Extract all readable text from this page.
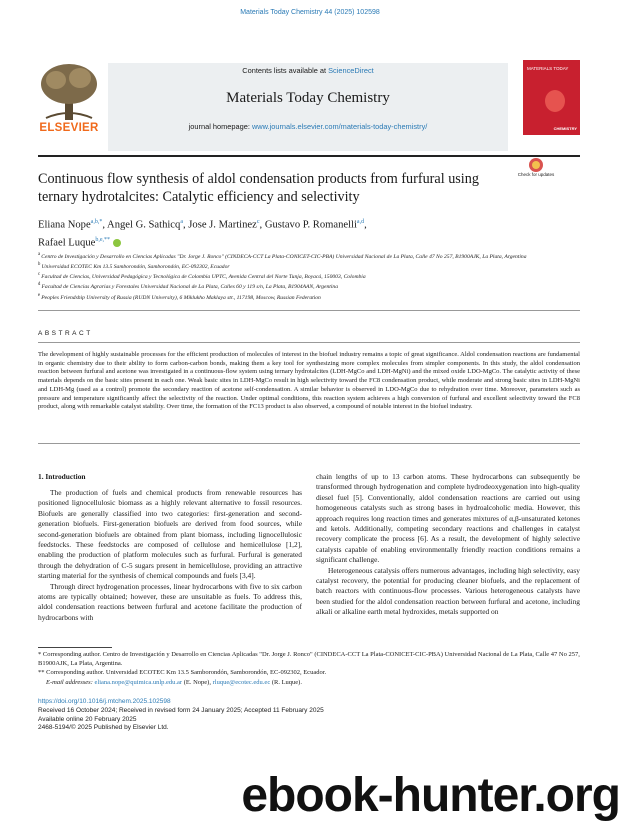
Materials Today Chemistry 44 (2025) 102598
ELSEVIER
Contents lists available at ScienceDirect
Materials Today Chemistry
journal homepage: www.journals.elsevier.com/materials-today-chemistry/
MATERIALS TODAY
CHEMISTRY
Continuous flow synthesis of aldol condensation products from furfural using ternary hydrotalcites: Catalytic efficiency and selectivity
Check for updates
Eliana Nope$^{a,b,*}$, Angel G. Sathicq$^a$, Jose J. Martinez$^c$, Gustavo P. Romanelli$^{a,d}$,
Rafael Luque$^{b,e,**}$
$^a$ Centro de Investigación y Desarrollo en Ciencias Aplicadas "Dr. Jorge J. Ronco" (CINDECA-CCT La Plata-CONICET-CIC-PBA) Universidad Nacional de La Plata, Calle 47 No 257, B1900AJK, La Plata, Argentina
$^b$ Universidad ECOTEC Km 13.5 Samborondón, Samborondón, EC-092302, Ecuador
$^c$ Facultad de Ciencias, Universidad Pedagógica y Tecnológica de Colombia UPTC, Avenida Central del Norte Tunja, Boyacá, 150003, Colombia
$^d$ Facultad de Ciencias Agrarias y Forestales Universidad Nacional de La Plata, Calles 60 y 119 s/n, La Plata, B1904AAN, Argentina
$^e$ Peoples Friendship University of Russia (RUDN University), 6 Miklukho Maklaya str., 117198, Moscow, Russian Federation
ABSTRACT
The development of highly sustainable processes for the efficient production of molecules of interest in the biofuel industry remains a topic of great significance. Aldol condensation reactions are fundamental in organic chemistry due to their ability to form carbon-carbon bonds, making them a key tool for synthesizing more complex molecules from simpler components. In this study, the aldol condensation reaction between furfural and acetone was investigated in a continuous-flow system using ternary hydrotalcites (LDH-MgCo and LDH-MgNi) and the mixed oxide LDO-MgCo. The catalytic activity of these materials depends on the basic sites present in each one. Weak basic sites in LDH-MgCo result in high selectivity toward the FC8 condensation product, while moderate and strong basic sites in LDH-MgNi and LDH-Mg (used as a control) promote the secondary reaction of acetone self-condensation. A similar behavior is observed in LDO-MgCo due to rehydration over time. Moreover, parameters such as pressure and temperature significantly affect the selectivity of the reaction. Under optimal conditions, this reaction system achieves a high conversion of furfural and excellent selectivity toward the FC8 product, along with remarkable catalyst stability. Over time, the formation of the FC13 product is also observed, a compound of notable interest in the biofuel industry.
1. Introduction

The production of fuels and chemical products from renewable resources has positioned lignocellulosic biomass as a highly relevant alternative to fossil resources. Biofuels are generally classified into two categories: first-generation and second-generation biofuels. First-generation biofuels are derived from food sources, while second-generation biofuels are obtained from plant biomass, including lignocellulosic feedstocks. These feedstocks are composed of cellulose and hemicellulose [1,2], enabling the production of platform molecules such as furfural. Furfural is generated through the dehydration of C-5 sugars present in hemicellulose, providing an attractive starting material for the synthesis of chemical compounds and fuels [3,4].

Through direct hydrogenation processes, linear hydrocarbons with five to six carbon atoms are typically obtained; however, these are unsuitable as fuels. To address this, aldol condensation reactions between furfural and acetone facilitate the production of hydrocarbons with

chain lengths of up to 13 carbon atoms. These hydrocarbons can subsequently be transformed through hydrogenation and complete hydrodeoxygenation into high-quality diesel fuel [5]. Conventionally, aldol condensation reactions are carried out using homogeneous catalysts such as strong bases in hydroalcoholic media. However, this approach requires long reaction times and generates mixtures of α,β-unsaturated ketones and ketols. Additionally, competing secondary reactions and challenges in catalyst recovery complicate the process [6]. As a result, the development of highly selective catalysts capable of enabling environmentally friendly reaction conditions remains a significant challenge.

Heterogeneous catalysis offers numerous advantages, including high selectivity, easy catalyst recovery, the potential for producing cleaner biofuels, and the replacement of batch reactors with continuous-flow processes. Various heterogeneous catalysts have been studied for the aldol condensation reaction between furfural and acetone, including alkali or alkaline earth metal hydroxides, metals supported on

* Corresponding author. Centro de Investigación y Desarrollo en Ciencias Aplicadas "Dr. Jorge J. Ronco" (CINDECA-CCT La Plata-CONICET-CIC-PBA) Universidad Nacional de La Plata, Calle 47 No 257, B1900AJK, La Plata, Argentina.

** Corresponding author. Universidad ECOTEC Km 13.5 Samborondón, Samborondón, EC-092302, Ecuador.

E-mail addresses: eliana.nope@quimica.unlp.edu.ar (E. Nope), rluque@ecotec.edu.ec (R. Luque).

https://doi.org/10.1016/j.mtchem.2025.102598

Received 16 October 2024; Received in revised form 24 January 2025; Accepted 11 February 2025

Available online 20 February 2025

2468-5194/© 2025 Published by Elsevier Ltd.

ebook-hunter.org
